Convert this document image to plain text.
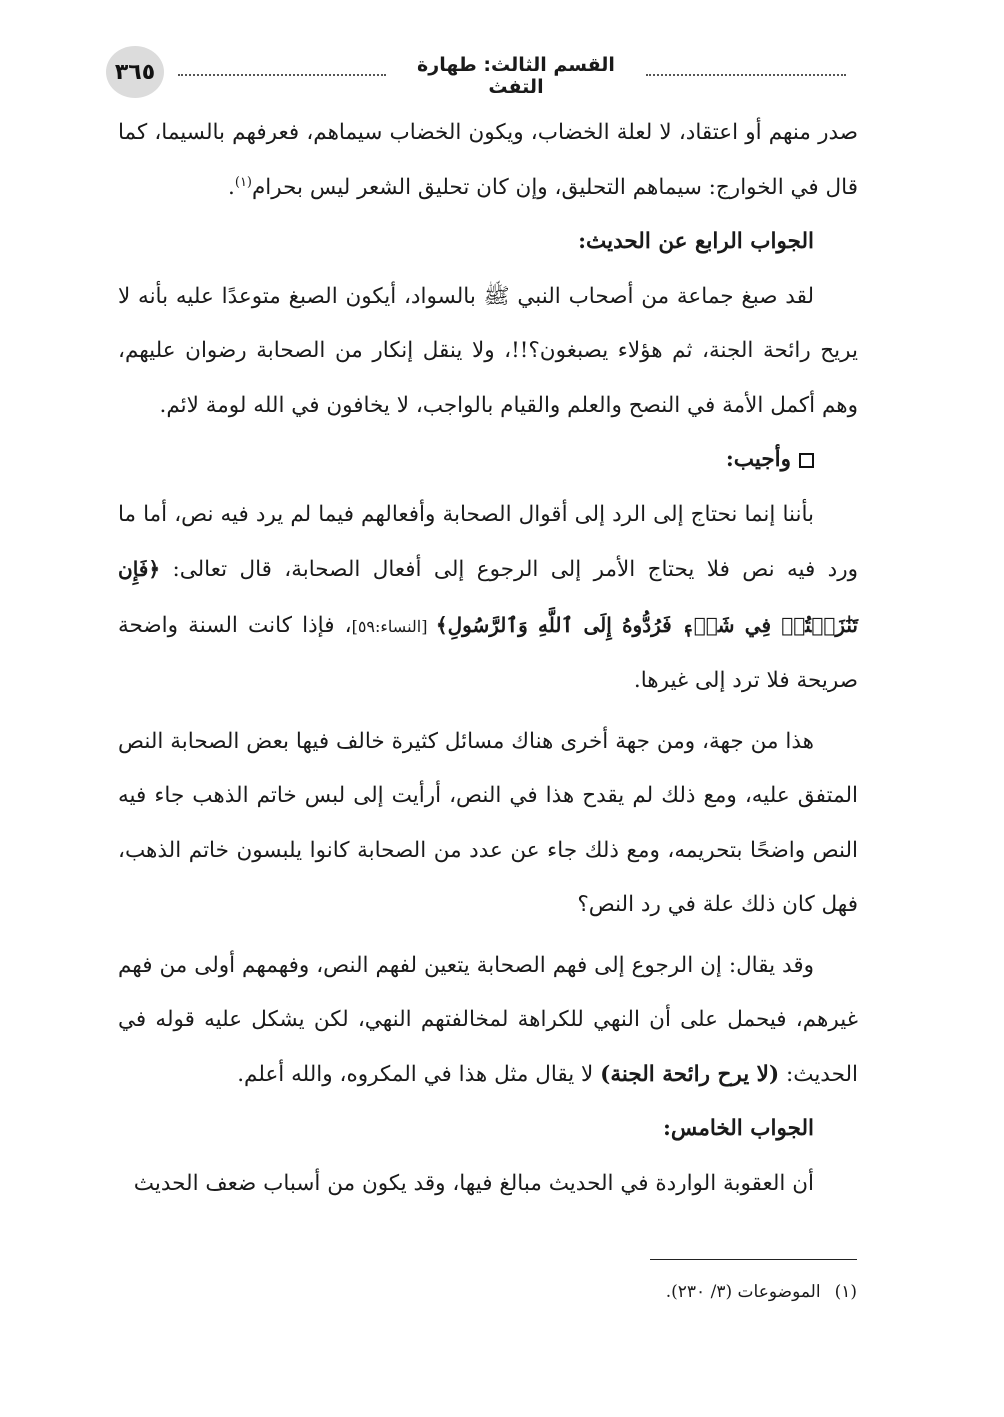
٣٦٥	القسم الثالث: طهارة التفث

صدر منهم أو اعتقاد، لا لعلة الخضاب، ويكون الخضاب سيماهم، فعرفهم بالسيما، كما قال في الخوارج: سيماهم التحليق، وإن كان تحليق الشعر ليس بحرام$^{(١)}$.

الجواب الرابع عن الحديث:

لقد صبغ جماعة من أصحاب النبي ﷺ بالسواد، أيكون الصبغ متوعدًا عليه بأنه لا يريح رائحة الجنة، ثم هؤلاء يصبغون؟!!، ولا ينقل إنكار من الصحابة رضوان عليهم، وهم أكمل الأمة في النصح والعلم والقيام بالواجب، لا يخافون في الله لومة لائم.

وأجيب:

بأننا إنما نحتاج إلى الرد إلى أقوال الصحابة وأفعالهم فيما لم يرد فيه نص، أما ما ورد فيه نص فلا يحتاج الأمر إلى الرجوع إلى أفعال الصحابة، قال تعالى: ﴿فَإِن تَنَٰزَعۡتُمۡ فِي شَيۡءٖ فَرُدُّوهُ إِلَى ٱللَّهِ وَٱلرَّسُولِ﴾ [النساء:٥٩]، فإذا كانت السنة واضحة صريحة فلا ترد إلى غيرها.

هذا من جهة، ومن جهة أخرى هناك مسائل كثيرة خالف فيها بعض الصحابة النص المتفق عليه، ومع ذلك لم يقدح هذا في النص، أرأيت إلى لبس خاتم الذهب جاء فيه النص واضحًا بتحريمه، ومع ذلك جاء عن عدد من الصحابة كانوا يلبسون خاتم الذهب، فهل كان ذلك علة في رد النص؟

وقد يقال: إن الرجوع إلى فهم الصحابة يتعين لفهم النص، وفهمهم أولى من فهم غيرهم، فيحمل على أن النهي للكراهة لمخالفتهم النهي، لكن يشكل عليه قوله في الحديث: (لا يرح رائحة الجنة) لا يقال مثل هذا في المكروه، والله أعلم.

الجواب الخامس:

أن العقوبة الواردة في الحديث مبالغ فيها، وقد يكون من أسباب ضعف الحديث

(١)الموضوعات (٣/ ٢٣٠).
